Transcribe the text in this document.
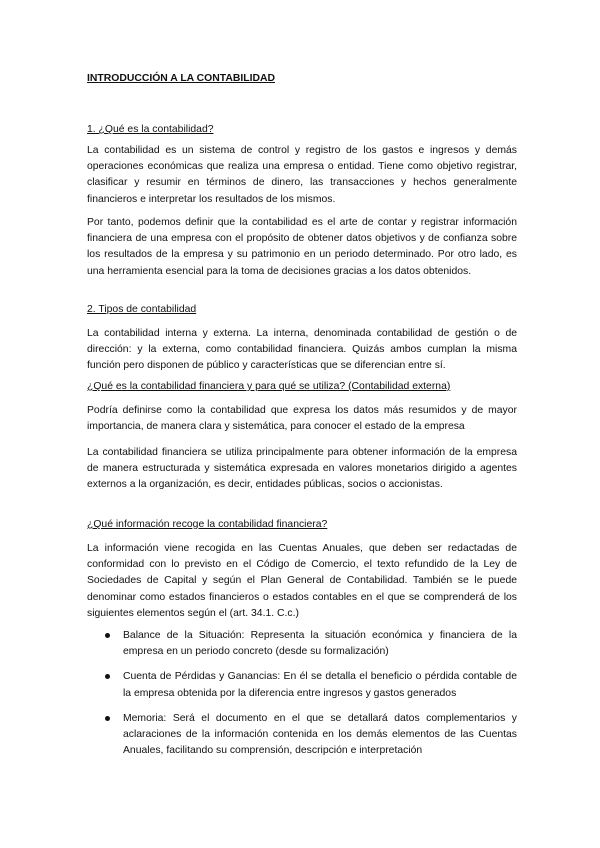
INTRODUCCIÓN A LA CONTABILIDAD
1. ¿Qué es la contabilidad?

La contabilidad es un sistema de control y registro de los gastos e ingresos y demás operaciones económicas que realiza una empresa o entidad. Tiene como objetivo registrar, clasificar y resumir en términos de dinero, las transacciones y hechos generalmente financieros e interpretar los resultados de los mismos.

Por tanto, podemos definir que la contabilidad es el arte de contar y registrar información financiera de una empresa con el propósito de obtener datos objetivos y de confianza sobre los resultados de la empresa y su patrimonio en un periodo determinado. Por otro lado, es una herramienta esencial para la toma de decisiones gracias a los datos obtenidos.

2. Tipos de contabilidad

La contabilidad interna y externa. La interna, denominada contabilidad de gestión o de dirección: y la externa, como contabilidad financiera. Quizás ambos cumplan la misma función pero disponen de público y características que se diferencian entre sí.

¿Qué es la contabilidad financiera y para qué se utiliza? (Contabilidad externa)

Podría definirse como la contabilidad que expresa los datos más resumidos y de mayor importancia, de manera clara y sistemática, para conocer el estado de la empresa

La contabilidad financiera se utiliza principalmente para obtener información de la empresa de manera estructurada y sistemática expresada en valores monetarios dirigido a agentes externos a la organización, es decir, entidades públicas, socios o accionistas.

¿Qué información recoge la contabilidad financiera?

La información viene recogida en las Cuentas Anuales, que deben ser redactadas de conformidad con lo previsto en el Código de Comercio, el texto refundido de la Ley de Sociedades de Capital y según el Plan General de Contabilidad. También se le puede denominar como estados financieros o estados contables en el que se comprenderá de los siguientes elementos según el (art. 34.1. C.c.)

Balance de la Situación: Representa la situación económica y financiera de la empresa en un periodo concreto (desde su formalización)
Cuenta de Pérdidas y Ganancias: En él se detalla el beneficio o pérdida contable de la empresa obtenida por la diferencia entre ingresos y gastos generados
Memoria: Será el documento en el que se detallará datos complementarios y aclaraciones de la información contenida en los demás elementos de las Cuentas Anuales, facilitando su comprensión, descripción e interpretación
